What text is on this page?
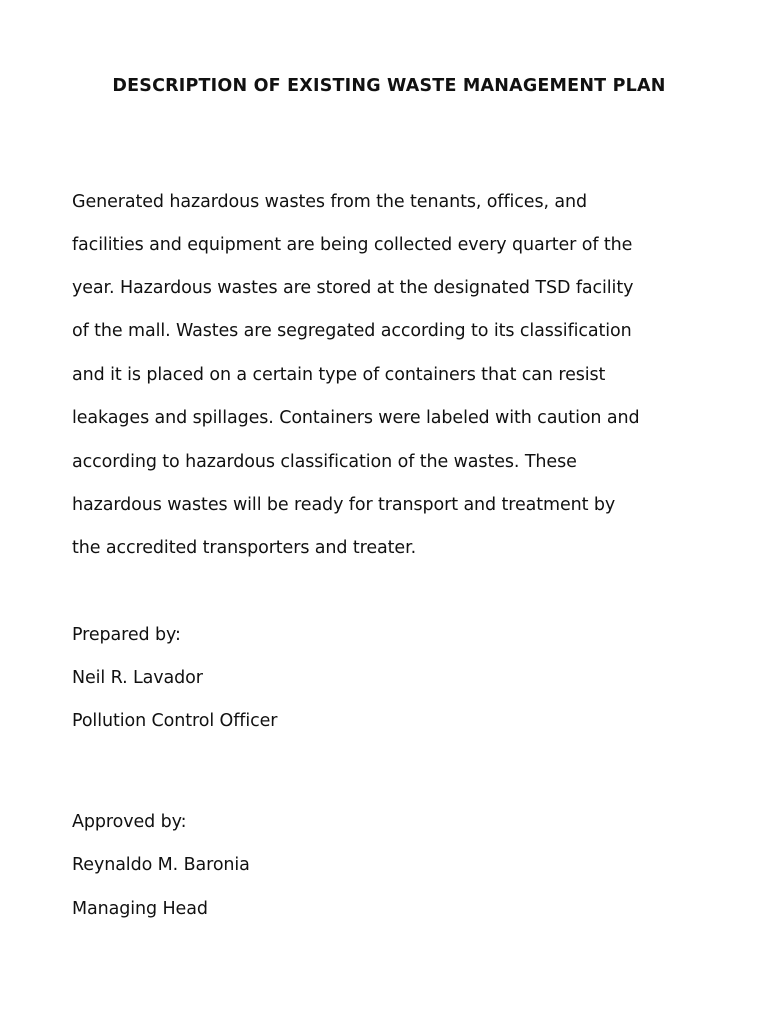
DESCRIPTION OF EXISTING WASTE MANAGEMENT PLAN
Generated hazardous wastes from the tenants, offices, and
facilities and equipment are being collected every quarter of the
year. Hazardous wastes are stored at the designated TSD facility
of the mall. Wastes are segregated according to its classification
and it is placed on a certain type of containers that can resist
leakages and spillages. Containers were labeled with caution and
according to hazardous classification of the wastes. These
hazardous wastes will be ready for transport and treatment by
the accredited transporters and treater.
Prepared by:
Neil R. Lavador
Pollution Control Officer
Approved by:
Reynaldo M. Baronia
Managing Head
